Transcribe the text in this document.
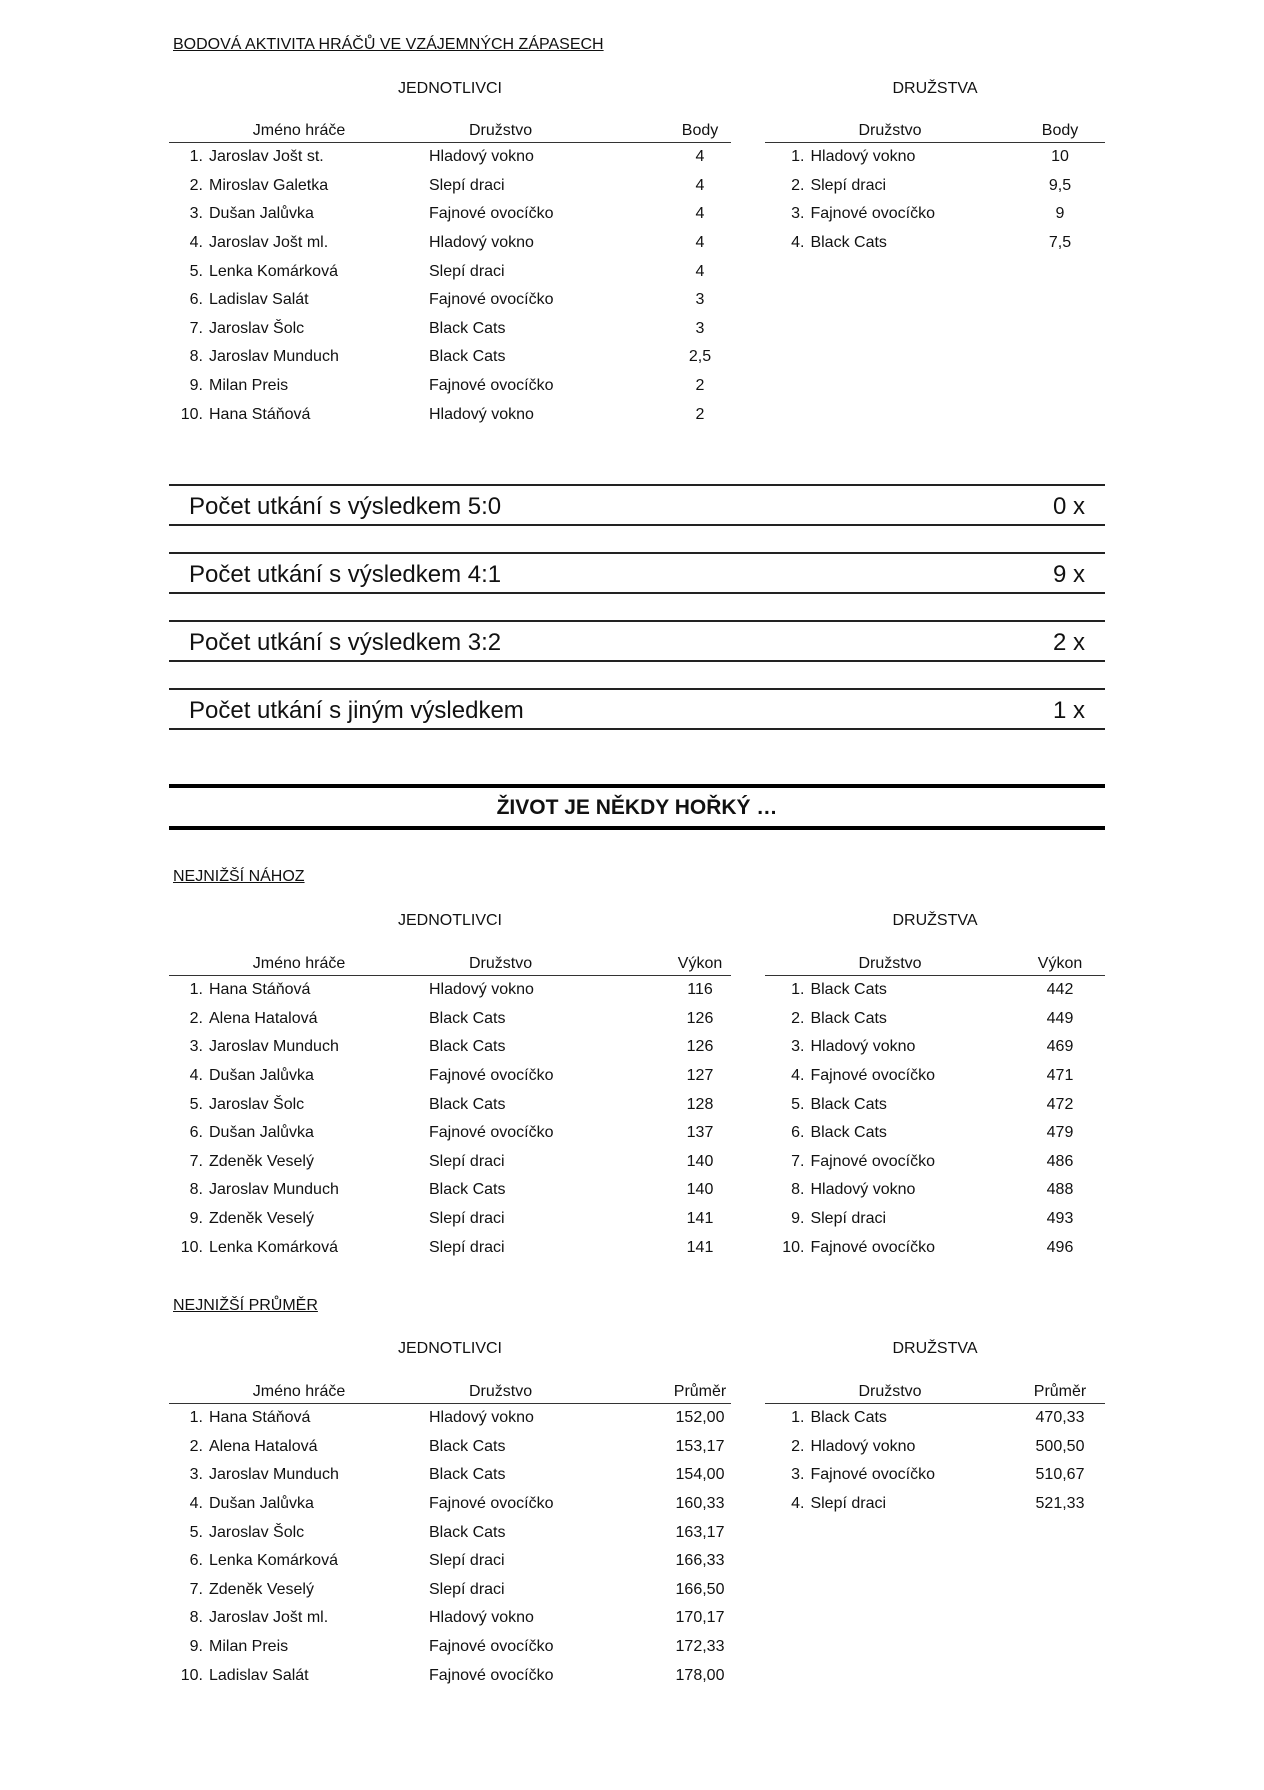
BODOVÁ AKTIVITA HRÁČŮ VE VZÁJEMNÝCH ZÁPASECH
JEDNOTLIVCI	DRUŽSTVA
Jméno hráče		Družstvo	Body
1.	Jaroslav Jošt st.	Hladový vokno	4
2.	Miroslav Galetka	Slepí draci	4
3.	Dušan Jalůvka	Fajnové ovocíčko	4
4.	Jaroslav Jošt ml.	Hladový vokno	4
5.	Lenka Komárková	Slepí draci	4
6.	Ladislav Salát	Fajnové ovocíčko	3
7.	Jaroslav Šolc	Black Cats	3
8.	Jaroslav Munduch	Black Cats	2,5
9.	Milan Preis	Fajnové ovocíčko	2
10.	Hana Stáňová	Hladový vokno	2
Družstvo		Body
1.	Hladový vokno	10
2.	Slepí draci	9,5
3.	Fajnové ovocíčko	9
4.	Black Cats	7,5
Počet utkání s výsledkem 5:0	0 x
Počet utkání s výsledkem 4:1	9 x
Počet utkání s výsledkem 3:2	2 x
Počet utkání s jiným výsledkem	1 x
ŽIVOT JE NĚKDY HOŘKÝ …
NEJNIŽŠÍ NÁHOZ
JEDNOTLIVCI	DRUŽSTVA
Jméno hráče		Družstvo	Výkon
1.	Hana Stáňová	Hladový vokno	116
2.	Alena Hatalová	Black Cats	126
3.	Jaroslav Munduch	Black Cats	126
4.	Dušan Jalůvka	Fajnové ovocíčko	127
5.	Jaroslav Šolc	Black Cats	128
6.	Dušan Jalůvka	Fajnové ovocíčko	137
7.	Zdeněk Veselý	Slepí draci	140
8.	Jaroslav Munduch	Black Cats	140
9.	Zdeněk Veselý	Slepí draci	141
10.	Lenka Komárková	Slepí draci	141
Družstvo		Výkon
1.	Black Cats	442
2.	Black Cats	449
3.	Hladový vokno	469
4.	Fajnové ovocíčko	471
5.	Black Cats	472
6.	Black Cats	479
7.	Fajnové ovocíčko	486
8.	Hladový vokno	488
9.	Slepí draci	493
10.	Fajnové ovocíčko	496
NEJNIŽŠÍ PRŮMĚR
JEDNOTLIVCI	DRUŽSTVA
Jméno hráče		Družstvo	Průměr
1.	Hana Stáňová	Hladový vokno	152,00
2.	Alena Hatalová	Black Cats	153,17
3.	Jaroslav Munduch	Black Cats	154,00
4.	Dušan Jalůvka	Fajnové ovocíčko	160,33
5.	Jaroslav Šolc	Black Cats	163,17
6.	Lenka Komárková	Slepí draci	166,33
7.	Zdeněk Veselý	Slepí draci	166,50
8.	Jaroslav Jošt ml.	Hladový vokno	170,17
9.	Milan Preis	Fajnové ovocíčko	172,33
10.	Ladislav Salát	Fajnové ovocíčko	178,00
Družstvo		Průměr
1.	Black Cats	470,33
2.	Hladový vokno	500,50
3.	Fajnové ovocíčko	510,67
4.	Slepí draci	521,33
